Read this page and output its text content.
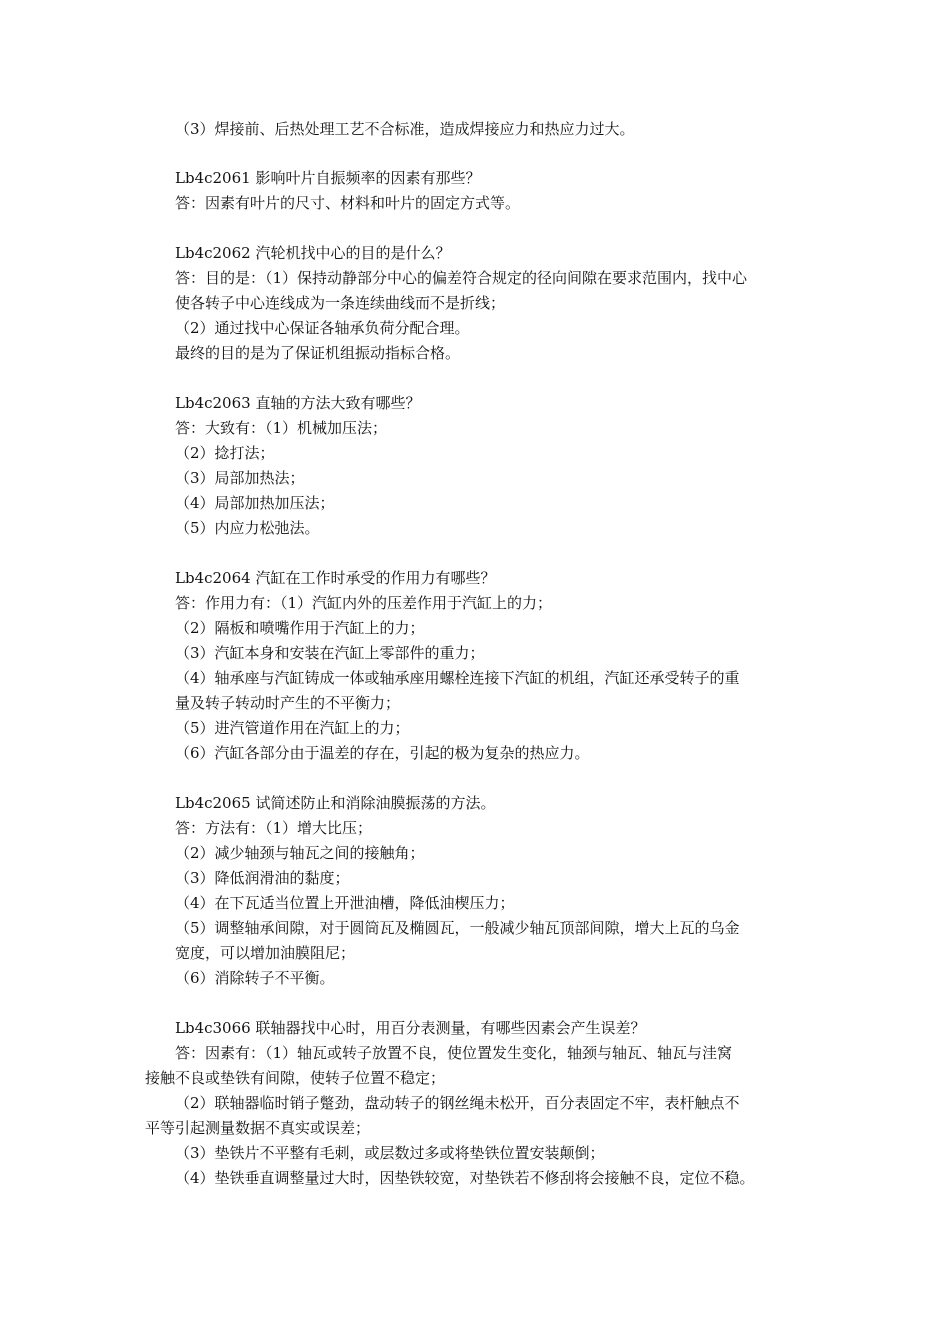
（3）焊接前、后热处理工艺不合标准，造成焊接应力和热应力过大。
Lb4c2061 影响叶片自振频率的因素有那些？
答：因素有叶片的尺寸、材料和叶片的固定方式等。
Lb4c2062 汽轮机找中心的目的是什么？
答：目的是：（1）保持动静部分中心的偏差符合规定的径向间隙在要求范围内，找中心
使各转子中心连线成为一条连续曲线而不是折线；
（2）通过找中心保证各轴承负荷分配合理。
最终的目的是为了保证机组振动指标合格。
Lb4c2063 直轴的方法大致有哪些？
答：大致有：（1）机械加压法；
（2）捻打法；
（3）局部加热法；
（4）局部加热加压法；
（5）内应力松弛法。
Lb4c2064 汽缸在工作时承受的作用力有哪些？
答：作用力有：（1）汽缸内外的压差作用于汽缸上的力；
（2）隔板和喷嘴作用于汽缸上的力；
（3）汽缸本身和安装在汽缸上零部件的重力；
（4）轴承座与汽缸铸成一体或轴承座用螺栓连接下汽缸的机组，汽缸还承受转子的重
量及转子转动时产生的不平衡力；
（5）进汽管道作用在汽缸上的力；
（6）汽缸各部分由于温差的存在，引起的极为复杂的热应力。
Lb4c2065 试简述防止和消除油膜振荡的方法。
答：方法有：（1）增大比压；
（2）减少轴颈与轴瓦之间的接触角；
（3）降低润滑油的黏度；
（4）在下瓦适当位置上开泄油槽，降低油楔压力；
（5）调整轴承间隙，对于圆筒瓦及椭圆瓦，一般减少轴瓦顶部间隙，增大上瓦的乌金
宽度，可以增加油膜阻尼；
（6）消除转子不平衡。
Lb4c3066 联轴器找中心时，用百分表测量，有哪些因素会产生误差？
答：因素有：（1）轴瓦或转子放置不良，使位置发生变化，轴颈与轴瓦、轴瓦与洼窝
接触不良或垫铁有间隙，使转子位置不稳定；
（2）联轴器临时销子蹩劲，盘动转子的钢丝绳未松开，百分表固定不牢，表杆触点不
平等引起测量数据不真实或误差；
（3）垫铁片不平整有毛刺，或层数过多或将垫铁位置安装颠倒；
（4）垫铁垂直调整量过大时，因垫铁较宽，对垫铁若不修刮将会接触不良，定位不稳。
